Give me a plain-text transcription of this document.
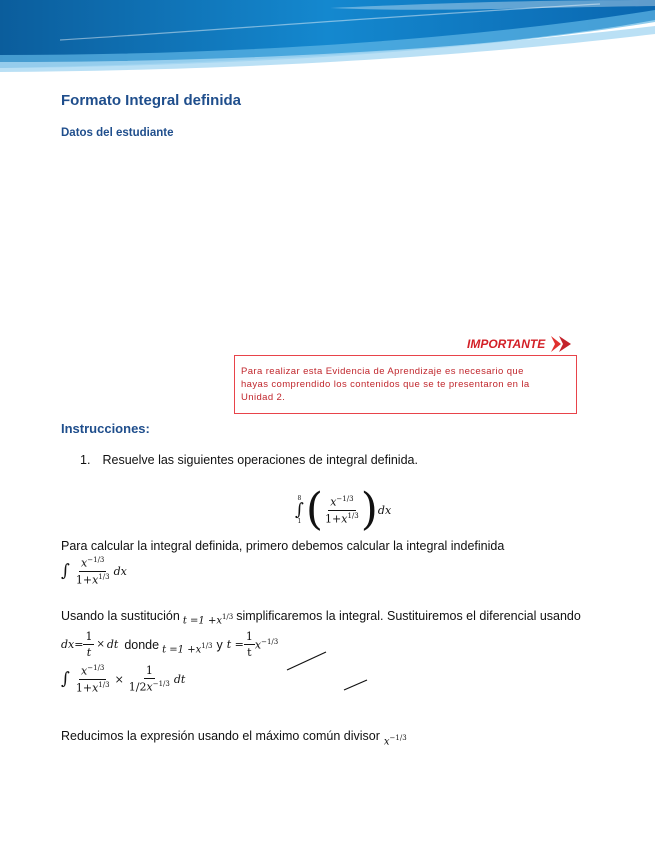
Formato Integral definida
Datos del estudiante
IMPORTANTE
Para realizar esta Evidencia de Aprendizaje es necesario que
hayas comprendido los contenidos que se te presentaron en la
Unidad 2.
Instrucciones:
1. Resuelve las siguientes operaciones de integral definida.
8
∫
1 ( $x^{-1/3}$
$1+x^{1/3}$ ) dx
Para calcular la integral definida, primero debemos calcular la integral indefinida
∫ $x^{-1/3}$
$1+x^{1/3}$ dx
Usando la sustitución $t =1 +x^{1/3}$ simplificaremos la integral. Sustituiremos el diferencial usando
$dx= \frac{1}{t}$ × dt donde $t =1 +x^{1/3}$ y $t = \frac{1}{t} x^{-1/3}$
∫ $\frac{x^{-1/3}}{1+x^{1/3}} \times \frac{1}{1/2x^{-1/3}}$ dt
Reducimos la expresión usando el máximo común divisor $x^{-1/3}$
